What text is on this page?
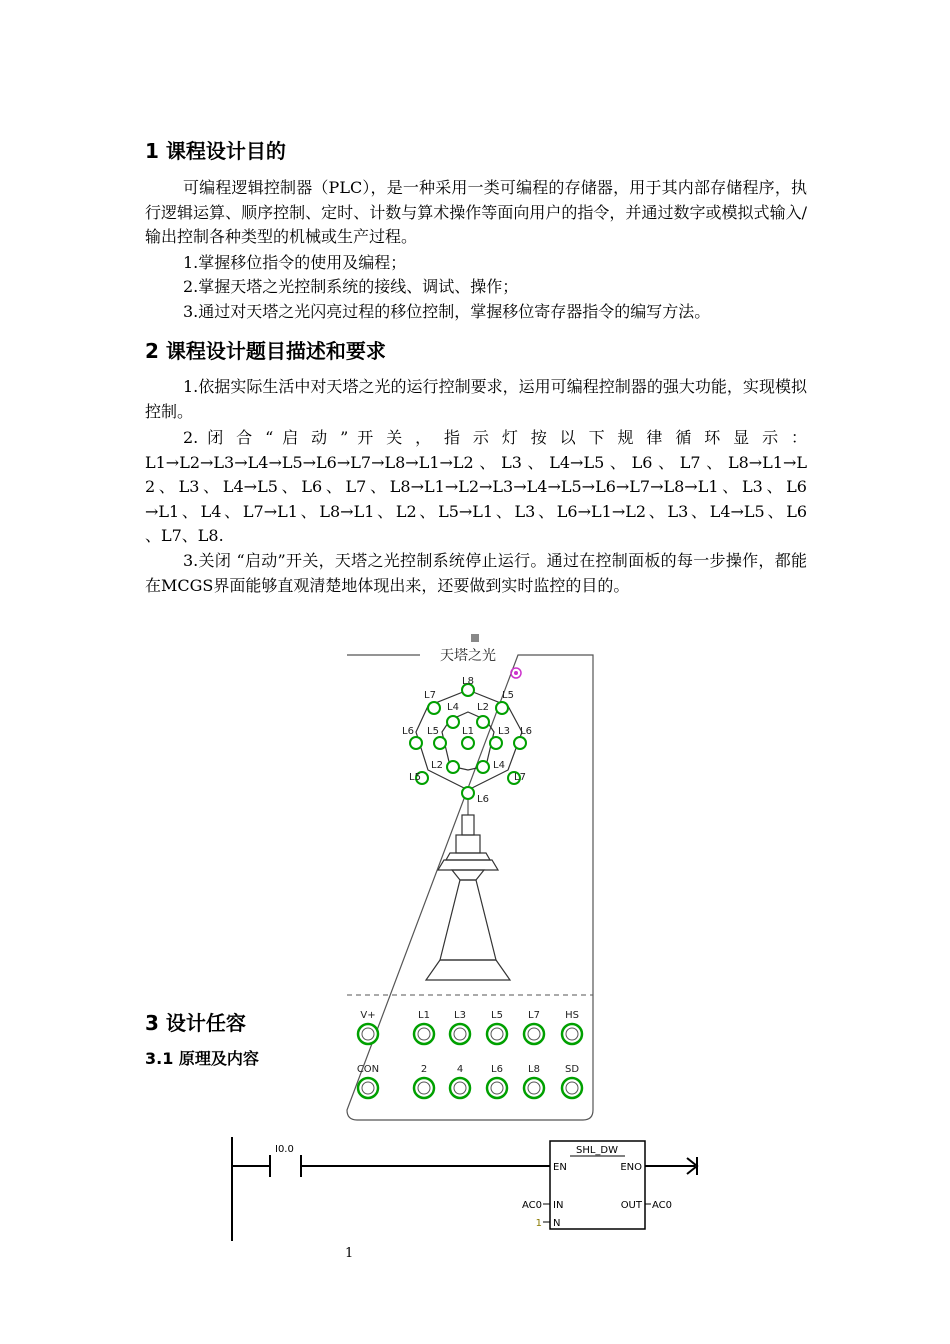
1 课程设计目的

可编程逻辑控制器（PLC），是一种采用一类可编程的存储器，用于其内部存储程序，执行逻辑运算、顺序控制、定时、计数与算术操作等面向用户的指令，并通过数字或模拟式输入/输出控制各种类型的机械或生产过程。

1.掌握移位指令的使用及编程；
2.掌握天塔之光控制系统的接线、调试、操作；
3.通过对天塔之光闪亮过程的移位控制，掌握移位寄存器指令的编写方法。
2 课程设计题目描述和要求

1.依据实际生活中对天塔之光的运行控制要求，运用可编程控制器的强大功能，实现模拟控制。

2. 闭 合 “ 启 动 ” 开 关 ， 指 示 灯 按 以 下 规 律 循 环 显 示 ：
L1→L2→L3→L4→L5→L6→L7→L8→L1→L2、L3、L4→L5、L6、L7、L8→L1→L
2、L3、L4→L5、L6、L7、L8→L1→L2→L3→L4→L5→L6→L7→L8→L1、L3、L6
→L1、L4、L7→L1、L8→L1、L2、L5→L1、L3、L6→L1→L2、L3、L4→L5、L6
、L7、L8.

3.关闭 “启动”开关，天塔之光控制系统停止运行。通过在控制面板的每一步操作，都能在MCGS界面能够直观清楚地体现出来，还要做到实时监控的目的。

3 设计任容
3.1 原理及内容
天塔之光
L8
L7	L5
L6	L6
L5	L7
L6
L4 L2
L5	L3
L1
L2	L4
V+	L1 L3	L5	L7	HS
CON	2	4	L6	L8	SD
I0.0	SHL_DW
EN	ENO
IN	OUT
N
AC0	AC0
1
1
